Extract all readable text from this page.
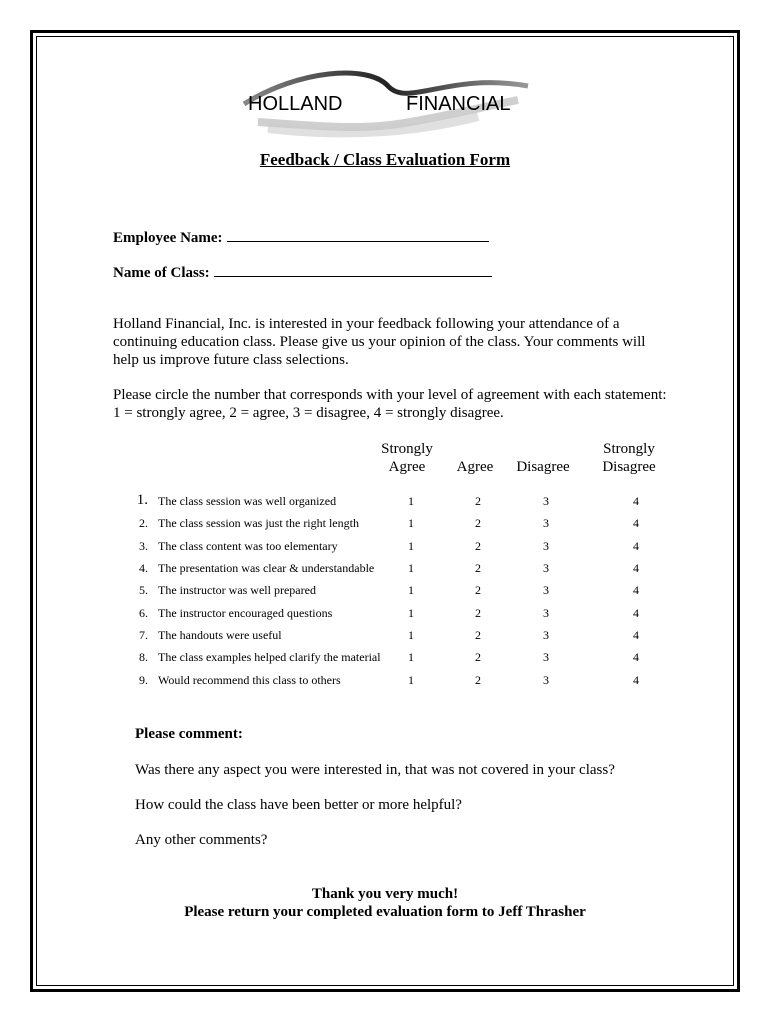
HOLLAND	FINANCIAL
Feedback / Class Evaluation Form
Employee Name:
Name of Class:
Holland Financial, Inc. is interested in your feedback following your attendance of a continuing education class. Please give us your opinion of the class. Your comments will help us improve future class selections.
Please circle the number that corresponds with your level of agreement with each statement: 1 = strongly agree, 2 = agree, 3 = disagree, 4 = strongly disagree.
Strongly
Agree	Agree	Disagree
Strongly
Disagree
1. The class session was well organized	1	2	3	4
2. The class session was just the right length	1	2	3	4
3. The class content was too elementary	1	2	3	4
4. The presentation was clear & understandable	1	2	3	4
5. The instructor was well prepared	1	2	3	4
6. The instructor encouraged questions	1	2	3	4
7. The handouts were useful	1	2	3	4
8. The class examples helped clarify the material	1	2	3	4
9. Would recommend this class to others	1	2	3	4
Please comment:
Was there any aspect you were interested in, that was not covered in your class?
How could the class have been better or more helpful?
Any other comments?
Thank you very much!
Please return your completed evaluation form to Jeff Thrasher
